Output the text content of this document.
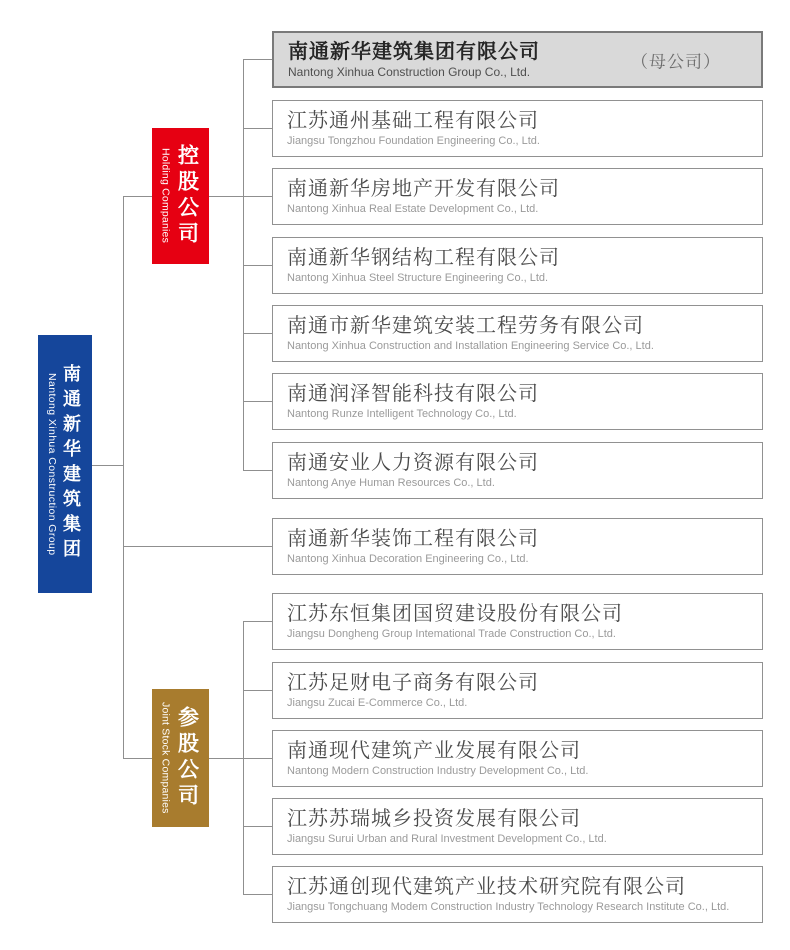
南通新华建筑集团
Nantong Xinhua Construction Group
控股公司
Holding Companies
参股公司
Joint Stock Companies
南通新华建筑集团有限公司
Nantong Xinhua Construction Group Co., Ltd.
（母公司）
江苏通州基础工程有限公司
Jiangsu Tongzhou Foundation Engineering Co., Ltd.
南通新华房地产开发有限公司
Nantong Xinhua Real Estate Development Co., Ltd.
南通新华钢结构工程有限公司
Nantong Xinhua Steel Structure Engineering Co., Ltd.
南通市新华建筑安装工程劳务有限公司
Nantong Xinhua Construction and Installation Engineering Service Co., Ltd.
南通润泽智能科技有限公司
Nantong Runze Intelligent Technology Co., Ltd.
南通安业人力资源有限公司
Nantong Anye Human Resources Co., Ltd.
南通新华装饰工程有限公司
Nantong Xinhua Decoration Engineering Co., Ltd.
江苏东恒集团国贸建设股份有限公司
Jiangsu Dongheng Group Intemational Trade Construction Co., Ltd.
江苏足财电子商务有限公司
Jiangsu Zucai E-Commerce Co., Ltd.
南通现代建筑产业发展有限公司
Nantong Modern Construction Industry Development Co., Ltd.
江苏苏瑞城乡投资发展有限公司
Jiangsu Surui Urban and Rural Investment Development Co., Ltd.
江苏通创现代建筑产业技术研究院有限公司
Jiangsu Tongchuang Modem Construction Industry Technology Research Institute Co., Ltd.
